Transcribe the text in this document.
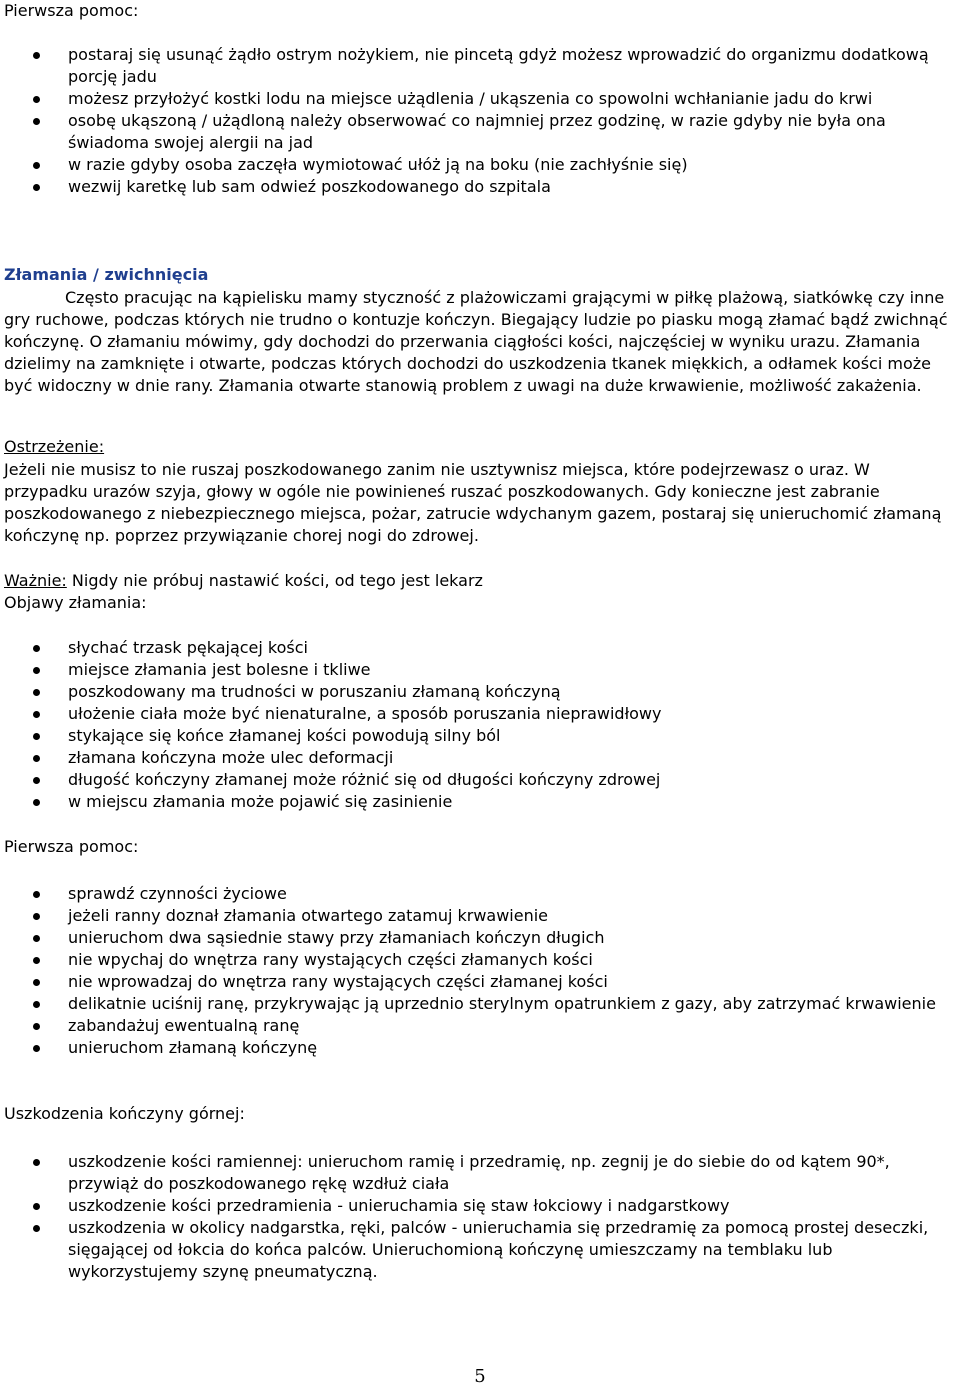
Pierwsza pomoc:

postaraj się usunąć żądło ostrym nożykiem, nie pincetą gdyż możesz wprowadzić do organizmu dodatkową porcję jadu
możesz przyłożyć kostki lodu na miejsce użądlenia / ukąszenia co spowolni wchłanianie jadu do krwi
osobę ukąszoną / użądloną należy obserwować co najmniej przez godzinę, w razie gdyby nie była ona świadoma swojej alergii na jad
w razie gdyby osoba zaczęła wymiotować ułóż ją na boku (nie zachłyśnie się)
wezwij karetkę lub sam odwieź poszkodowanego do szpitala

Złamania / zwichnięcia

Często pracując na kąpielisku mamy styczność z plażowiczami grającymi w piłkę plażową, siatkówkę czy inne gry ruchowe, podczas których nie trudno o kontuzje kończyn. Biegający ludzie po piasku mogą złamać bądź zwichnąć kończynę. O złamaniu mówimy, gdy dochodzi do przerwania ciągłości kości, najczęściej w wyniku urazu. Złamania dzielimy na zamknięte i otwarte, podczas których dochodzi do uszkodzenia tkanek miękkich, a odłamek kości może być widoczny w dnie rany. Złamania otwarte stanowią problem z uwagi na duże krwawienie, możliwość zakażenia.

Ostrzeżenie:

Jeżeli nie musisz to nie ruszaj poszkodowanego zanim nie usztywnisz miejsca, które podejrzewasz o uraz. W przypadku urazów szyja, głowy w ogóle nie powinieneś ruszać poszkodowanych. Gdy konieczne jest zabranie poszkodowanego z niebezpiecznego miejsca, pożar, zatrucie wdychanym gazem, postaraj się unieruchomić złamaną kończynę np. poprzez przywiązanie chorej nogi do zdrowej.

Ważnie: Nigdy nie próbuj nastawić kości, od tego jest lekarz

Objawy złamania:

słychać trzask pękającej kości
miejsce złamania jest bolesne i tkliwe
poszkodowany ma trudności w poruszaniu złamaną kończyną
ułożenie ciała może być nienaturalne, a sposób poruszania nieprawidłowy
stykające się końce złamanej kości powodują silny ból
złamana kończyna może ulec deformacji
długość kończyny złamanej może różnić się od długości kończyny zdrowej
w miejscu złamania może pojawić się zasinienie

Pierwsza pomoc:

sprawdź czynności życiowe
jeżeli ranny doznał złamania otwartego zatamuj krwawienie
unieruchom dwa sąsiednie stawy przy złamaniach kończyn długich
nie wpychaj do wnętrza rany wystających części złamanych kości
nie wprowadzaj do wnętrza rany wystających części złamanej kości
delikatnie uciśnij ranę, przykrywając ją uprzednio sterylnym opatrunkiem z gazy, aby zatrzymać krwawienie
zabandażuj ewentualną ranę
unieruchom złamaną kończynę

Uszkodzenia kończyny górnej:

uszkodzenie kości ramiennej: unieruchom ramię i przedramię, np. zegnij je do siebie do od kątem 90*, przywiąż do poszkodowanego rękę wzdłuż ciała
uszkodzenie kości przedramienia - unieruchamia się staw łokciowy i nadgarstkowy
uszkodzenia w okolicy nadgarstka, ręki, palców - unieruchamia się przedramię za pomocą prostej deseczki, sięgającej od łokcia do końca palców. Unieruchomioną kończynę umieszczamy na temblaku lub wykorzystujemy szynę pneumatyczną.
5
